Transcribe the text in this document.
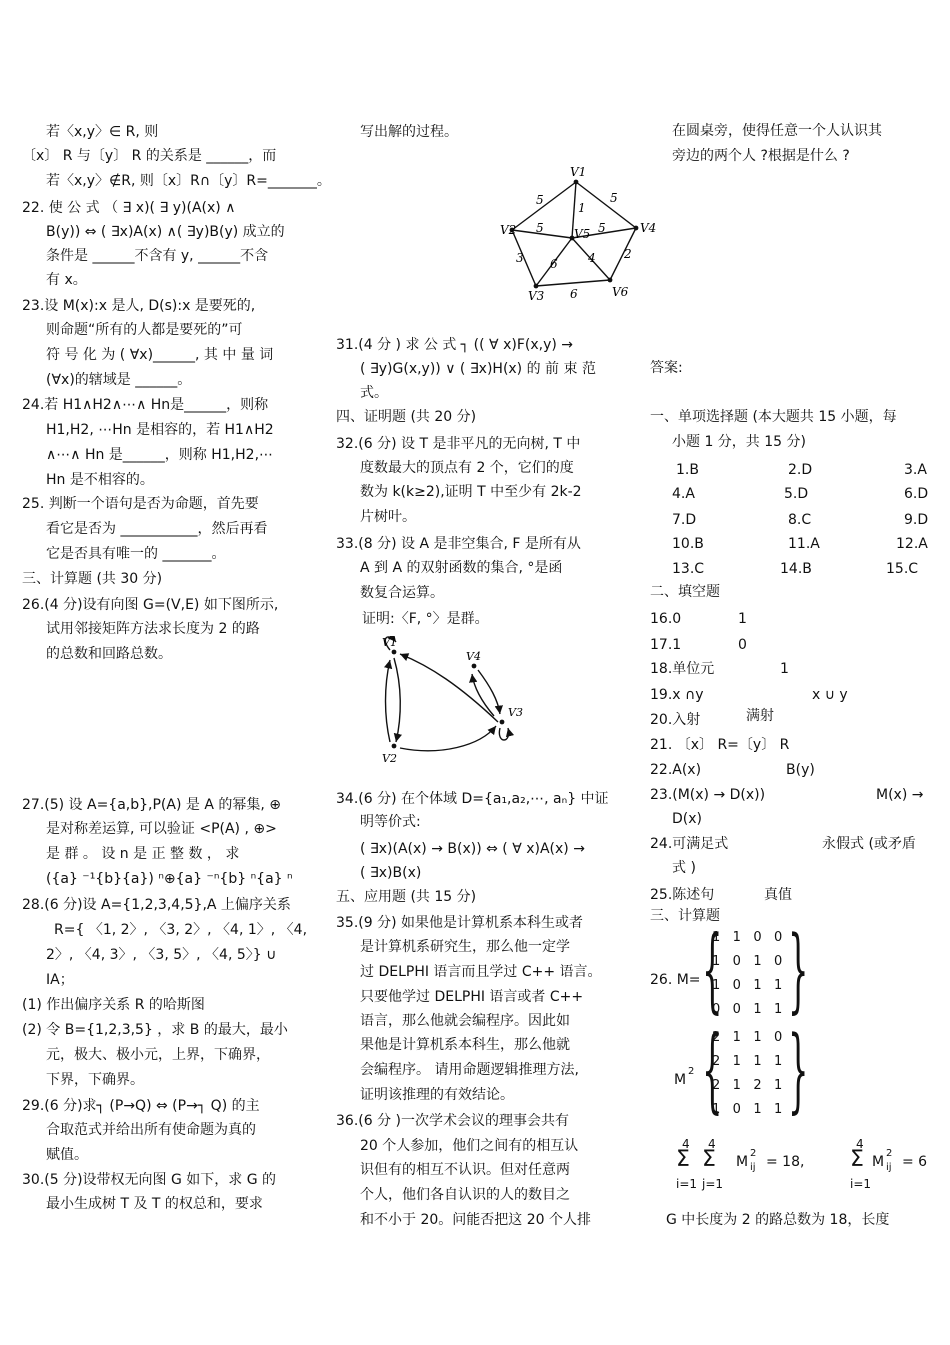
若〈x,y〉∈ R, 则
〔x〕 R 与〔y〕 R 的关系是 ______，而
若〈x,y〉∉R, 则〔x〕R∩〔y〕R=_______。
22. 使 公 式 （ ∃ x)( ∃ y)(A(x) ∧
B(y)) ⇔ ( ∃x)A(x) ∧( ∃y)B(y) 成立的
条件是 ______不含有 y, ______不含
有 x。
23.设 M(x):x 是人, D(s):x 是要死的,
则命题“所有的人都是要死的”可
符 号 化 为 ( ∀x)______, 其 中 量 词
(∀x)的辖域是 ______。
24.若 H1∧H2∧⋯∧ Hn是______，则称
H1,H2, ⋯Hn 是相容的，若 H1∧H2
∧⋯∧ Hn 是______，则称 H1,H2,⋯
Hn 是不相容的。
25. 判断一个语句是否为命题，首先要
看它是否为 ___________，然后再看
它是否具有唯一的 _______。
三、计算题 (共 30 分)
26.(4 分)设有向图 G=(V,E) 如下图所示,
试用邻接矩阵方法求长度为 2 的路
的总数和回路总数。
27.(5) 设 A={a,b},P(A) 是 A 的幂集, ⊕
是对称差运算, 可以验证 <P(A) , ⊕>
是 群 。 设 n 是 正 整 数 ， 求
({a} ⁻¹{b}{a}) ⁿ⊕{a} ⁻ⁿ{b} ⁿ{a} ⁿ
28.(6 分)设 A={1,2,3,4,5},A 上偏序关系
R={ 〈1, 2〉, 〈3, 2〉, 〈4, 1〉, 〈4,
2〉, 〈4, 3〉, 〈3, 5〉, 〈4, 5〉} ∪
IA；
(1) 作出偏序关系 R 的哈斯图
(2) 令 B={1,2,3,5} ，求 B 的最大，最小
元，极大、极小元，上界，下确界，
下界，下确界。
29.(6 分)求┐ (P→Q) ⇔ (P→┐ Q) 的主
合取范式并给出所有使命题为真的
赋值。
30.(5 分)设带权无向图 G 如下，求 G 的
最小生成树 T 及 T 的权总和，要求
V1
V2
V3
V4
V5
V6
5
5
1
5
5
3 6	4 2
6
V1
V2
V3
V4
写出解的过程。
31.(4 分 ) 求 公 式 ┐ (( ∀ x)F(x,y) →
( ∃y)G(x,y)) ∨ ( ∃x)H(x) 的 前 束 范
式。
四、证明题 (共 20 分)
32.(6 分) 设 T 是非平凡的无向树, T 中
度数最大的顶点有 2 个，它们的度
数为 k(k≥2),证明 T 中至少有 2k-2
片树叶。
33.(8 分) 设 A 是非空集合, F 是所有从
A 到 A 的双射函数的集合, °是函
数复合运算。
证明:〈F, °〉是群。
34.(6 分) 在个体域 D={a₁,a₂,⋯, aₙ} 中证
明等价式:
( ∃x)(A(x) → B(x)) ⇔ ( ∀ x)A(x) →
( ∃x)B(x)
五、应用题 (共 15 分)
35.(9 分) 如果他是计算机系本科生或者
是计算机系研究生，那么他一定学
过 DELPHI 语言而且学过 C++ 语言。
只要他学过 DELPHI 语言或者 C++
语言，那么他就会编程序。因此如
果他是计算机系本科生，那么他就
会编程序。 请用命题逻辑推理方法,
证明该推理的有效结论。
36.(6 分 )一次学术会议的理事会共有
20 个人参加，他们之间有的相互认
识但有的相互不认识。但对任意两
个人，他们各自认识的人的数目之
和不小于 20。问能否把这 20 个人排
{
1   1   0   0
1   0   1   0
1   0   1   1
0   0   1   1 }
2 {
2   1   1   0
2   1   1   1
2   1   2   1
1   0   1   1 }
4
Σ
i=1
4
Σ
j=1
M
2
ij = 18,
4
Σ
i=1
M
2
ij = 6
在圆桌旁，使得任意一个人认识其
旁边的两个人 ?根据是什么 ?
答案:
一、单项选择题 (本大题共 15 小题，每
小题 1 分，共 15 分)
1.B	2.D	3.A
4.A	5.D	6.D
7.D	8.C	9.D
10.B	11.A	12.A
13.C	14.B	15.C
二、填空题
16.0	1
17.1	0
18.单位元	1
19.x ∩y	x ∪ y
20.入射	满射
21. 〔x〕 R=〔y〕 R
22.A(x)	B(y)
23.(M(x) → D(x))	M(x) →
D(x)
24.可满足式	永假式 (或矛盾
式 )
25.陈述句	真值
三、计算题
26. M=
M
G 中长度为 2 的路总数为 18，长度
